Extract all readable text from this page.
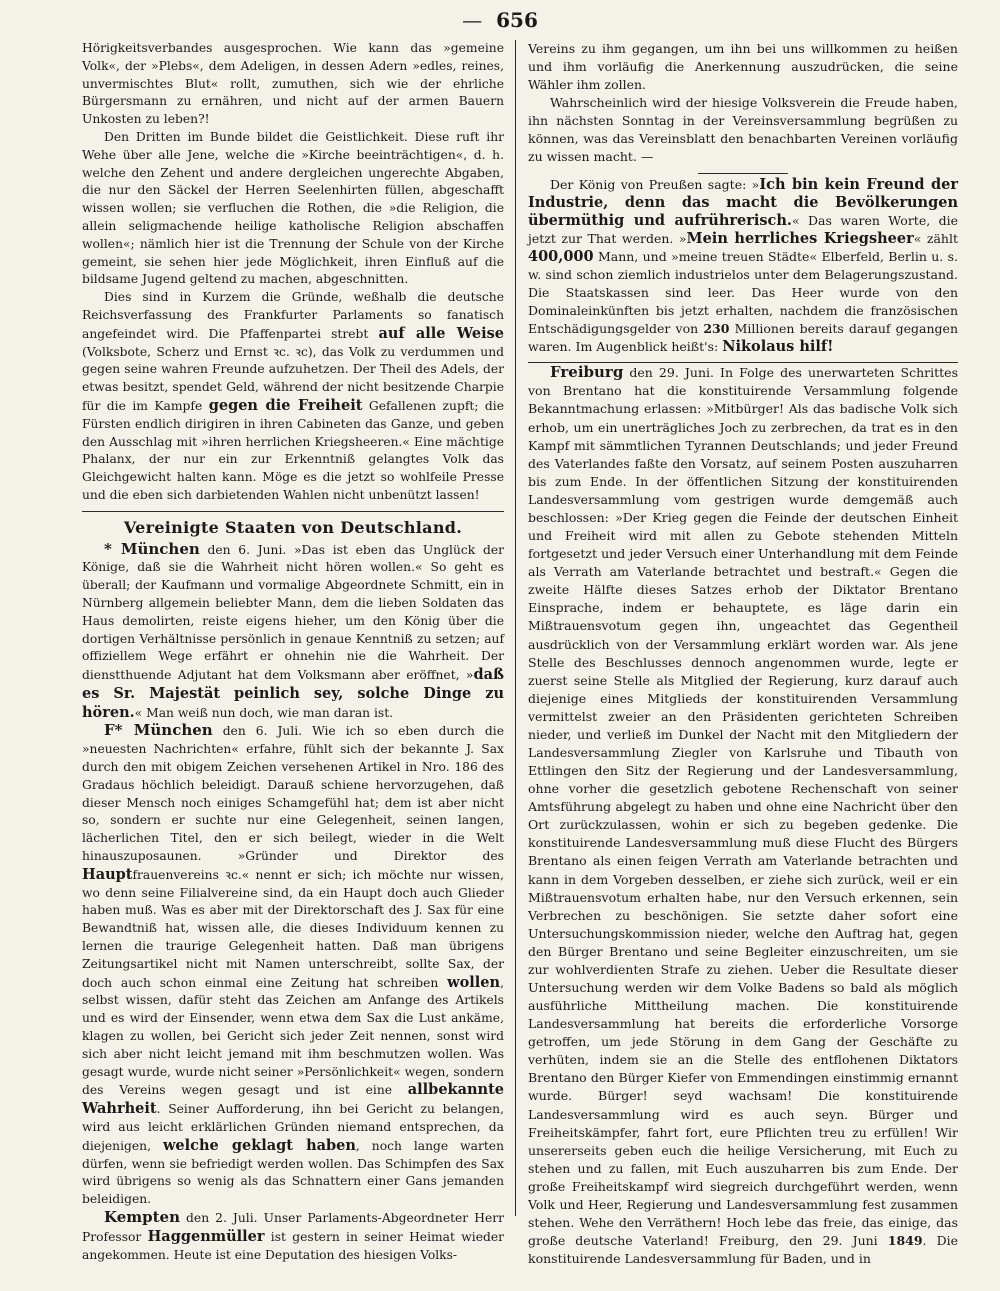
— 656

Hörigkeitsverbandes ausgesprochen. Wie kann das »gemeine Volk«, der »Plebs«, dem Adeligen, in dessen Adern »edles, reines, unvermischtes Blut« rollt, zumuthen, sich wie der ehrliche Bürgersmann zu ernähren, und nicht auf der armen Bauern Unkosten zu leben?!

Den Dritten im Bunde bildet die Geistlichkeit. Diese ruft ihr Wehe über alle Jene, welche die »Kirche beeinträchtigen«, d. h. welche den Zehent und andere dergleichen ungerechte Abgaben, die nur den Säckel der Herren Seelenhirten füllen, abgeschafft wissen wollen; sie verfluchen die Rothen, die »die Religion, die allein seligmachende heilige katholische Religion abschaffen wollen«; nämlich hier ist die Trennung der Schule von der Kirche gemeint, sie sehen hier jede Möglichkeit, ihren Einfluß auf die bildsame Jugend geltend zu machen, abgeschnitten.

Dies sind in Kurzem die Gründe, weßhalb die deutsche Reichsverfassung des Frankfurter Parlaments so fanatisch angefeindet wird. Die Pfaffenpartei strebt auf alle Weise (Volksbote, Scherz und Ernst ꝛc. ꝛc), das Volk zu verdummen und gegen seine wahren Freunde aufzuhetzen. Der Theil des Adels, der etwas besitzt, spendet Geld, während der nicht besitzende Charpie für die im Kampfe gegen die Freiheit Gefallenen zupft; die Fürsten endlich dirigiren in ihren Cabineten das Ganze, und geben den Ausschlag mit »ihren herrlichen Kriegsheeren.« Eine mächtige Phalanx, der nur ein zur Erkenntniß gelangtes Volk das Gleichgewicht halten kann. Möge es die jetzt so wohlfeile Presse und die eben sich darbietenden Wahlen nicht unbenützt lassen!

Vereinigte Staaten von Deutschland.

* München den 6. Juni. »Das ist eben das Unglück der Könige, daß sie die Wahrheit nicht hören wollen.« So geht es überall; der Kaufmann und vormalige Abgeordnete Schmitt, ein in Nürnberg allgemein beliebter Mann, dem die lieben Soldaten das Haus demolirten, reiste eigens hieher, um den König über die dortigen Verhältnisse persönlich in genaue Kenntniß zu setzen; auf offiziellem Wege erfährt er ohnehin nie die Wahrheit. Der dienstthuende Adjutant hat dem Volksmann aber eröffnet, »daß es Sr. Majestät peinlich sey, solche Dinge zu hören.« Man weiß nun doch, wie man daran ist.

F* München den 6. Juli. Wie ich so eben durch die »neuesten Nachrichten« erfahre, fühlt sich der bekannte J. Sax durch den mit obigem Zeichen versehenen Artikel in Nro. 186 des Gradaus höchlich beleidigt. Darauß schiene hervorzugehen, daß dieser Mensch noch einiges Schamgefühl hat; dem ist aber nicht so, sondern er suchte nur eine Gelegenheit, seinen langen, lächerlichen Titel, den er sich beilegt, wieder in die Welt hinauszuposaunen. »Gründer und Direktor des Hauptfrauenvereins ꝛc.« nennt er sich; ich möchte nur wissen, wo denn seine Filialvereine sind, da ein Haupt doch auch Glieder haben muß. Was es aber mit der Direktorschaft des J. Sax für eine Bewandtniß hat, wissen alle, die dieses Individuum kennen zu lernen die traurige Gelegenheit hatten. Daß man übrigens Zeitungsartikel nicht mit Namen unterschreibt, sollte Sax, der doch auch schon einmal eine Zeitung hat schreiben wollen, selbst wissen, dafür steht das Zeichen am Anfange des Artikels und es wird der Einsender, wenn etwa dem Sax die Lust ankäme, klagen zu wollen, bei Gericht sich jeder Zeit nennen, sonst wird sich aber nicht leicht jemand mit ihm beschmutzen wollen. Was gesagt wurde, wurde nicht seiner »Persönlichkeit« wegen, sondern des Vereins wegen gesagt und ist eine allbekannte Wahrheit. Seiner Aufforderung, ihn bei Gericht zu belangen, wird aus leicht erklärlichen Gründen niemand entsprechen, da diejenigen, welche geklagt haben, noch lange warten dürfen, wenn sie befriedigt werden wollen. Das Schimpfen des Sax wird übrigens so wenig als das Schnattern einer Gans jemanden beleidigen.

Kempten den 2. Juli. Unser Parlaments-Abgeordneter Herr Professor Haggenmüller ist gestern in seiner Heimat wieder angekommen. Heute ist eine Deputation des hiesigen Volks-

Vereins zu ihm gegangen, um ihn bei uns willkommen zu heißen und ihm vorläufig die Anerkennung auszudrücken, die seine Wähler ihm zollen.

Wahrscheinlich wird der hiesige Volksverein die Freude haben, ihn nächsten Sonntag in der Vereinsversammlung begrüßen zu können, was das Vereinsblatt den benachbarten Vereinen vorläufig zu wissen macht. —

Der König von Preußen sagte: »Ich bin kein Freund der Industrie, denn das macht die Bevölkerungen übermüthig und aufrührerisch.« Das waren Worte, die jetzt zur That werden. »Mein herrliches Kriegsheer« zählt 400,000 Mann, und »meine treuen Städte« Elberfeld, Berlin u. s. w. sind schon ziemlich industrielos unter dem Belagerungszustand. Die Staatskassen sind leer. Das Heer wurde von den Dominaleinkünften bis jetzt erhalten, nachdem die französischen Entschädigungsgelder von 230 Millionen bereits darauf gegangen waren. Im Augenblick heißt's: Nikolaus hilf!

Freiburg den 29. Juni. In Folge des unerwarteten Schrittes von Brentano hat die konstituirende Versammlung folgende Bekanntmachung erlassen: »Mitbürger! Als das badische Volk sich erhob, um ein unerträgliches Joch zu zerbrechen, da trat es in den Kampf mit sämmtlichen Tyrannen Deutschlands; und jeder Freund des Vaterlandes faßte den Vorsatz, auf seinem Posten auszuharren bis zum Ende. In der öffentlichen Sitzung der konstituirenden Landesversammlung vom gestrigen wurde demgemäß auch beschlossen: »Der Krieg gegen die Feinde der deutschen Einheit und Freiheit wird mit allen zu Gebote stehenden Mitteln fortgesetzt und jeder Versuch einer Unterhandlung mit dem Feinde als Verrath am Vaterlande betrachtet und bestraft.« Gegen die zweite Hälfte dieses Satzes erhob der Diktator Brentano Einsprache, indem er behauptete, es läge darin ein Mißtrauensvotum gegen ihn, ungeachtet das Gegentheil ausdrücklich von der Versammlung erklärt worden war. Als jene Stelle des Beschlusses dennoch angenommen wurde, legte er zuerst seine Stelle als Mitglied der Regierung, kurz darauf auch diejenige eines Mitglieds der konstituirenden Versammlung vermittelst zweier an den Präsidenten gerichteten Schreiben nieder, und verließ im Dunkel der Nacht mit den Mitgliedern der Landesversammlung Ziegler von Karlsruhe und Tibauth von Ettlingen den Sitz der Regierung und der Landesversammlung, ohne vorher die gesetzlich gebotene Rechenschaft von seiner Amtsführung abgelegt zu haben und ohne eine Nachricht über den Ort zurückzulassen, wohin er sich zu begeben gedenke. Die konstituirende Landesversammlung muß diese Flucht des Bürgers Brentano als einen feigen Verrath am Vaterlande betrachten und kann in dem Vorgeben desselben, er ziehe sich zurück, weil er ein Mißtrauensvotum erhalten habe, nur den Versuch erkennen, sein Verbrechen zu beschönigen. Sie setzte daher sofort eine Untersuchungskommission nieder, welche den Auftrag hat, gegen den Bürger Brentano und seine Begleiter einzuschreiten, um sie zur wohlverdienten Strafe zu ziehen. Ueber die Resultate dieser Untersuchung werden wir dem Volke Badens so bald als möglich ausführliche Mittheilung machen. Die konstituirende Landesversammlung hat bereits die erforderliche Vorsorge getroffen, um jede Störung in dem Gang der Geschäfte zu verhüten, indem sie an die Stelle des entflohenen Diktators Brentano den Bürger Kiefer von Emmendingen einstimmig ernannt wurde. Bürger! seyd wachsam! Die konstituirende Landesversammlung wird es auch seyn. Bürger und Freiheitskämpfer, fahrt fort, eure Pflichten treu zu erfüllen! Wir unsererseits geben euch die heilige Versicherung, mit Euch zu stehen und zu fallen, mit Euch auszuharren bis zum Ende. Der große Freiheitskampf wird siegreich durchgeführt werden, wenn Volk und Heer, Regierung und Landesversammlung fest zusammen stehen. Wehe den Verräthern! Hoch lebe das freie, das einige, das große deutsche Vaterland! Freiburg, den 29. Juni 1849. Die konstituirende Landesversammlung für Baden, und in
